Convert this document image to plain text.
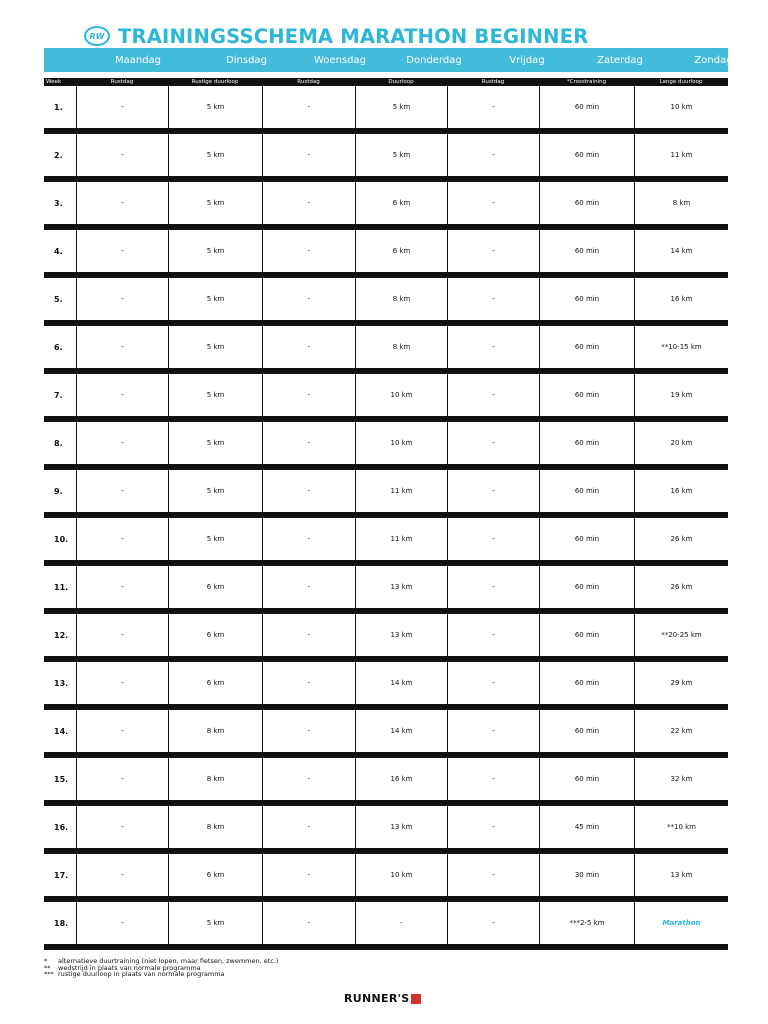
RW TRAININGSSCHEMA MARATHON BEGINNER
Maandag	Dinsdag	Woensdag	Donderdag	Vrijdag	Zaterdag	Zondag
Week	Rustdag	Rustige duurloop	Rustdag	Duurloop	Rustdag	*Crosstraining	Lange duurloop
1.	-	5 km	-	5 km	-	60 min	10 km
2.	-	5 km	-	5 km	-	60 min	11 km
3.	-	5 km	-	6 km	-	60 min	8 km
4.	-	5 km	-	6 km	-	60 min	14 km
5.	-	5 km	-	8 km	-	60 min	16 km
6.	-	5 km	-	8 km	-	60 min	**10-15 km
7.	-	5 km	-	10 km	-	60 min	19 km
8.	-	5 km	-	10 km	-	60 min	20 km
9.	-	5 km	-	11 km	-	60 min	16 km
10.	-	5 km	-	11 km	-	60 min	26 km
11.	-	6 km	-	13 km	-	60 min	26 km
12.	-	6 km	-	13 km	-	60 min	**20-25 km
13.	-	6 km	-	14 km	-	60 min	29 km
14.	-	8 km	-	14 km	-	60 min	22 km
15.	-	8 km	-	16 km	-	60 min	32 km
16.	-	8 km	-	13 km	-	45 min	**10 km
17.	-	6 km	-	10 km	-	30 min	13 km
18.	-	5 km	-	-	-	***2-5 km	Marathon
*	alternatieve duurtraining (niet lopen, maar fietsen, zwemmen, etc.)
**	wedstrijd in plaats van normale programma
*** rustige duurloop in plaats van normale programma
RUNNER'S
